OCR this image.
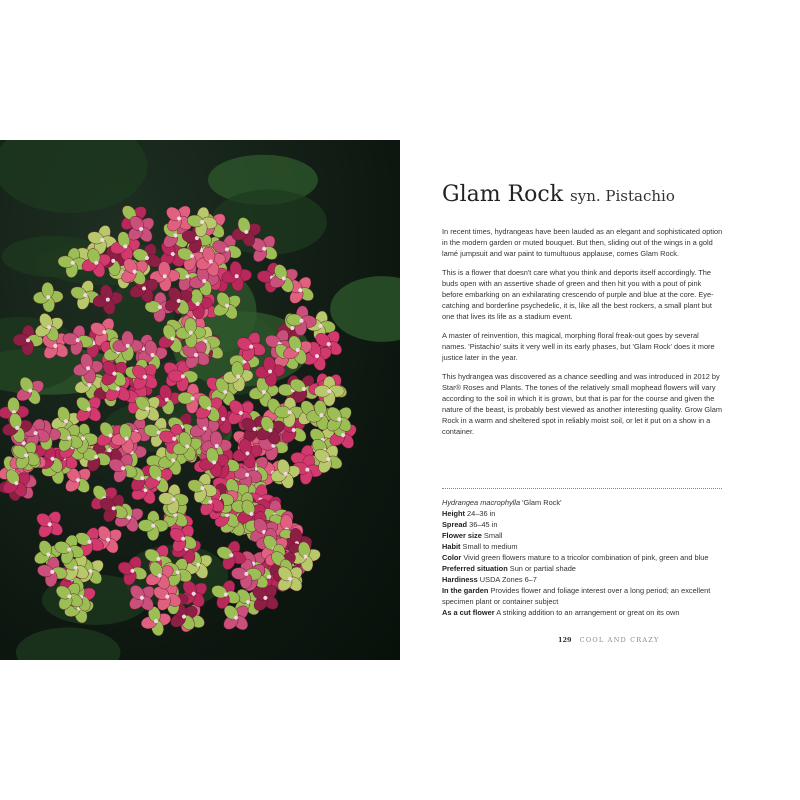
Glam Rock syn. Pistachio

In recent times, hydrangeas have been lauded as an elegant and sophisticated option in the modern garden or muted bouquet. But then, sliding out of the wings in a gold lamé jumpsuit and war paint to tumultuous applause, comes Glam Rock.

This is a flower that doesn't care what you think and deports itself accordingly. The buds open with an assertive shade of green and then hit you with a pout of pink before embarking on an exhilarating crescendo of purple and blue at the core. Eye-catching and borderline psychedelic, it is, like all the best rockers, a small plant but one that lives its life as a stadium event.

A master of reinvention, this magical, morphing floral freak-out goes by several names. 'Pistachio' suits it very well in its early phases, but 'Glam Rock' does it more justice later in the year.

This hydrangea was discovered as a chance seedling and was introduced in 2012 by Star® Roses and Plants. The tones of the relatively small mophead flowers will vary according to the soil in which it is grown, but that is par for the course and given the nature of the beast, is probably best viewed as another interesting quality. Grow Glam Rock in a warm and sheltered spot in reliably moist soil, or let it put on a show in a container.

Hydrangea macrophylla 'Glam Rock'
Height 24–36 in
Spread 36–45 in
Flower size Small
Habit Small to medium
Color Vivid green flowers mature to a tricolor combination of pink, green and blue
Preferred situation Sun or partial shade
Hardiness USDA Zones 6–7
In the garden Provides flower and foliage interest over a long period; an excellent specimen plant or container subject
As a cut flower A striking addition to an arrangement or great on its own
129 COOL AND CRAZY
